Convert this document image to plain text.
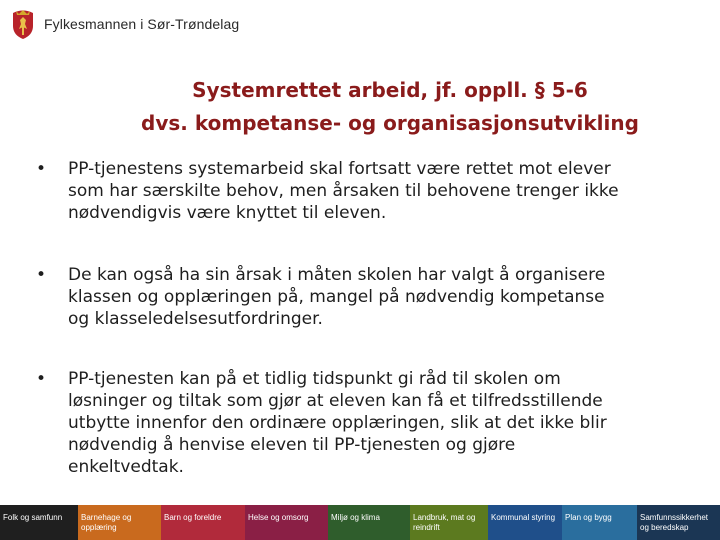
Fylkesmannen i Sør-Trøndelag
Systemrettet arbeid, jf. oppll. § 5-6
dvs. kompetanse- og organisasjonsutvikling
• PP-tjenestens systemarbeid skal fortsatt være rettet mot elever
som har særskilte behov, men årsaken til behovene trenger ikke
nødvendigvis være knyttet til eleven.
• De kan også ha sin årsak i måten skolen har valgt å organisere
klassen og opplæringen på, mangel på nødvendig kompetanse
og klasseledelsesutfordringer.
• PP-tjenesten kan på et tidlig tidspunkt gi råd til skolen om
løsninger og tiltak som gjør at eleven kan få et tilfredsstillende
utbytte innenfor den ordinære opplæringen, slik at det ikke blir
nødvendig å henvise eleven til PP-tjenesten og gjøre
enkeltvedtak.
Folk og samfunn	Barnehage og opplæring
Barn og foreldre	Helse og omsorg	Miljø og klima	Landbruk, mat og reindrift
Kommunal styring	Plan og bygg	Samfunnssikkerhet og beredskap
